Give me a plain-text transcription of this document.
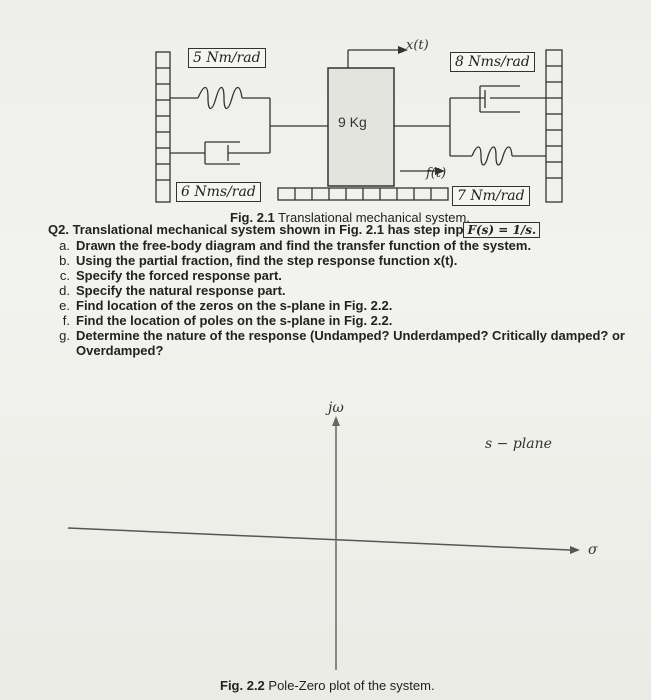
5 Nm/rad	8 Nms/rad
6 Nms/rad	7 Nm/rad
9 Kg
x(t)
f(t)
Fig. 2.1 Translational mechanical system.
Q2. Translational mechanical system shown in Fig. 2.1 has step inp F(s) = 1/s.
a. Drawn the free-body diagram and find the transfer function of the system.
b. Using the partial fraction, find the step response function x(t).
c. Specify the forced response part.
d. Specify the natural response part.
e. Find location of the zeros on the s-plane in Fig. 2.2.
f. Find the location of poles on the s-plane in Fig. 2.2.
g. Determine the nature of the response (Undamped? Underdamped? Critically damped? or
Overdamped?
jω
σ
s − plane
Fig. 2.2 Pole-Zero plot of the system.
